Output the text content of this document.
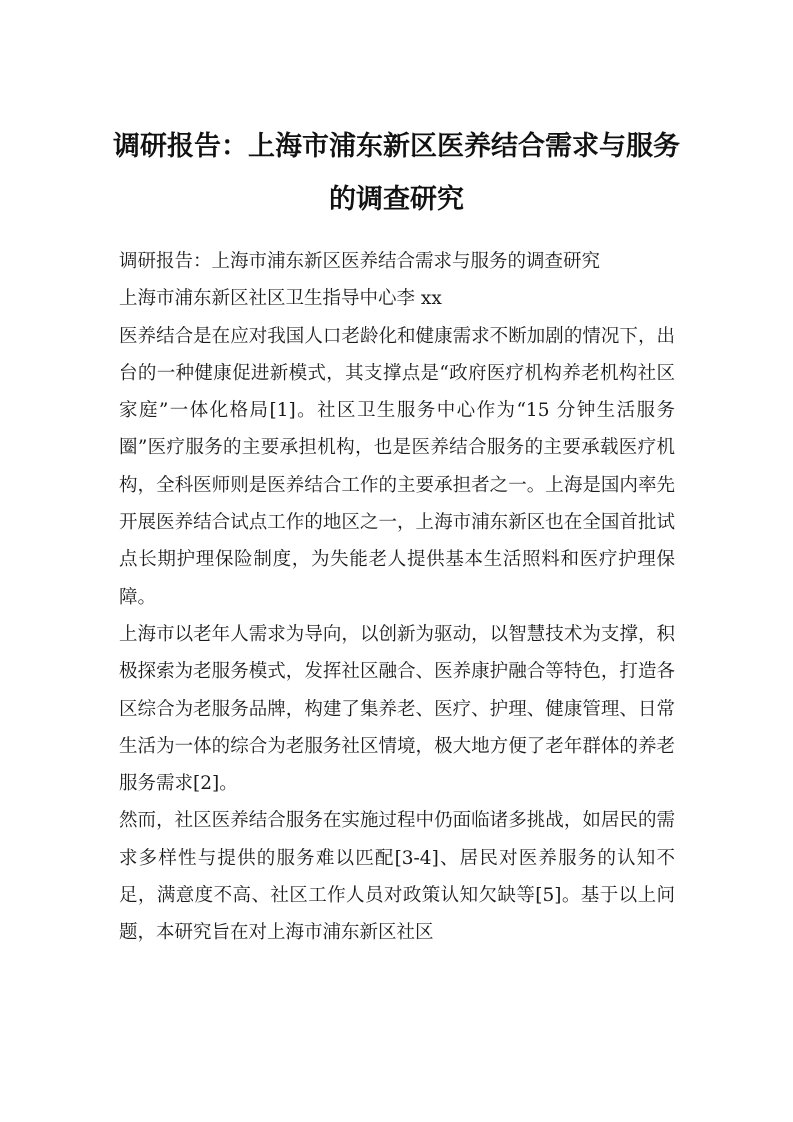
调研报告：上海市浦东新区医养结合需求与服务的调查研究

调研报告：上海市浦东新区医养结合需求与服务的调查研究

上海市浦东新区社区卫生指导中心李 xx

医养结合是在应对我国人口老龄化和健康需求不断加剧的情况下，出台的一种健康促进新模式，其支撑点是“政府医疗机构养老机构社区家庭”一体化格局[1]。社区卫生服务中心作为“15 分钟生活服务圈”医疗服务的主要承担机构，也是医养结合服务的主要承载医疗机构，全科医师则是医养结合工作的主要承担者之一。上海是国内率先开展医养结合试点工作的地区之一，上海市浦东新区也在全国首批试点长期护理保险制度，为失能老人提供基本生活照料和医疗护理保障。

上海市以老年人需求为导向，以创新为驱动，以智慧技术为支撑，积极探索为老服务模式，发挥社区融合、医养康护融合等特色，打造各区综合为老服务品牌，构建了集养老、医疗、护理、健康管理、日常生活为一体的综合为老服务社区情境，极大地方便了老年群体的养老服务需求[2]。

然而，社区医养结合服务在实施过程中仍面临诸多挑战，如居民的需求多样性与提供的服务难以匹配[3-4]、居民对医养服务的认知不足，满意度不高、社区工作人员对政策认知欠缺等[5]。基于以上问题，本研究旨在对上海市浦东新区社区
